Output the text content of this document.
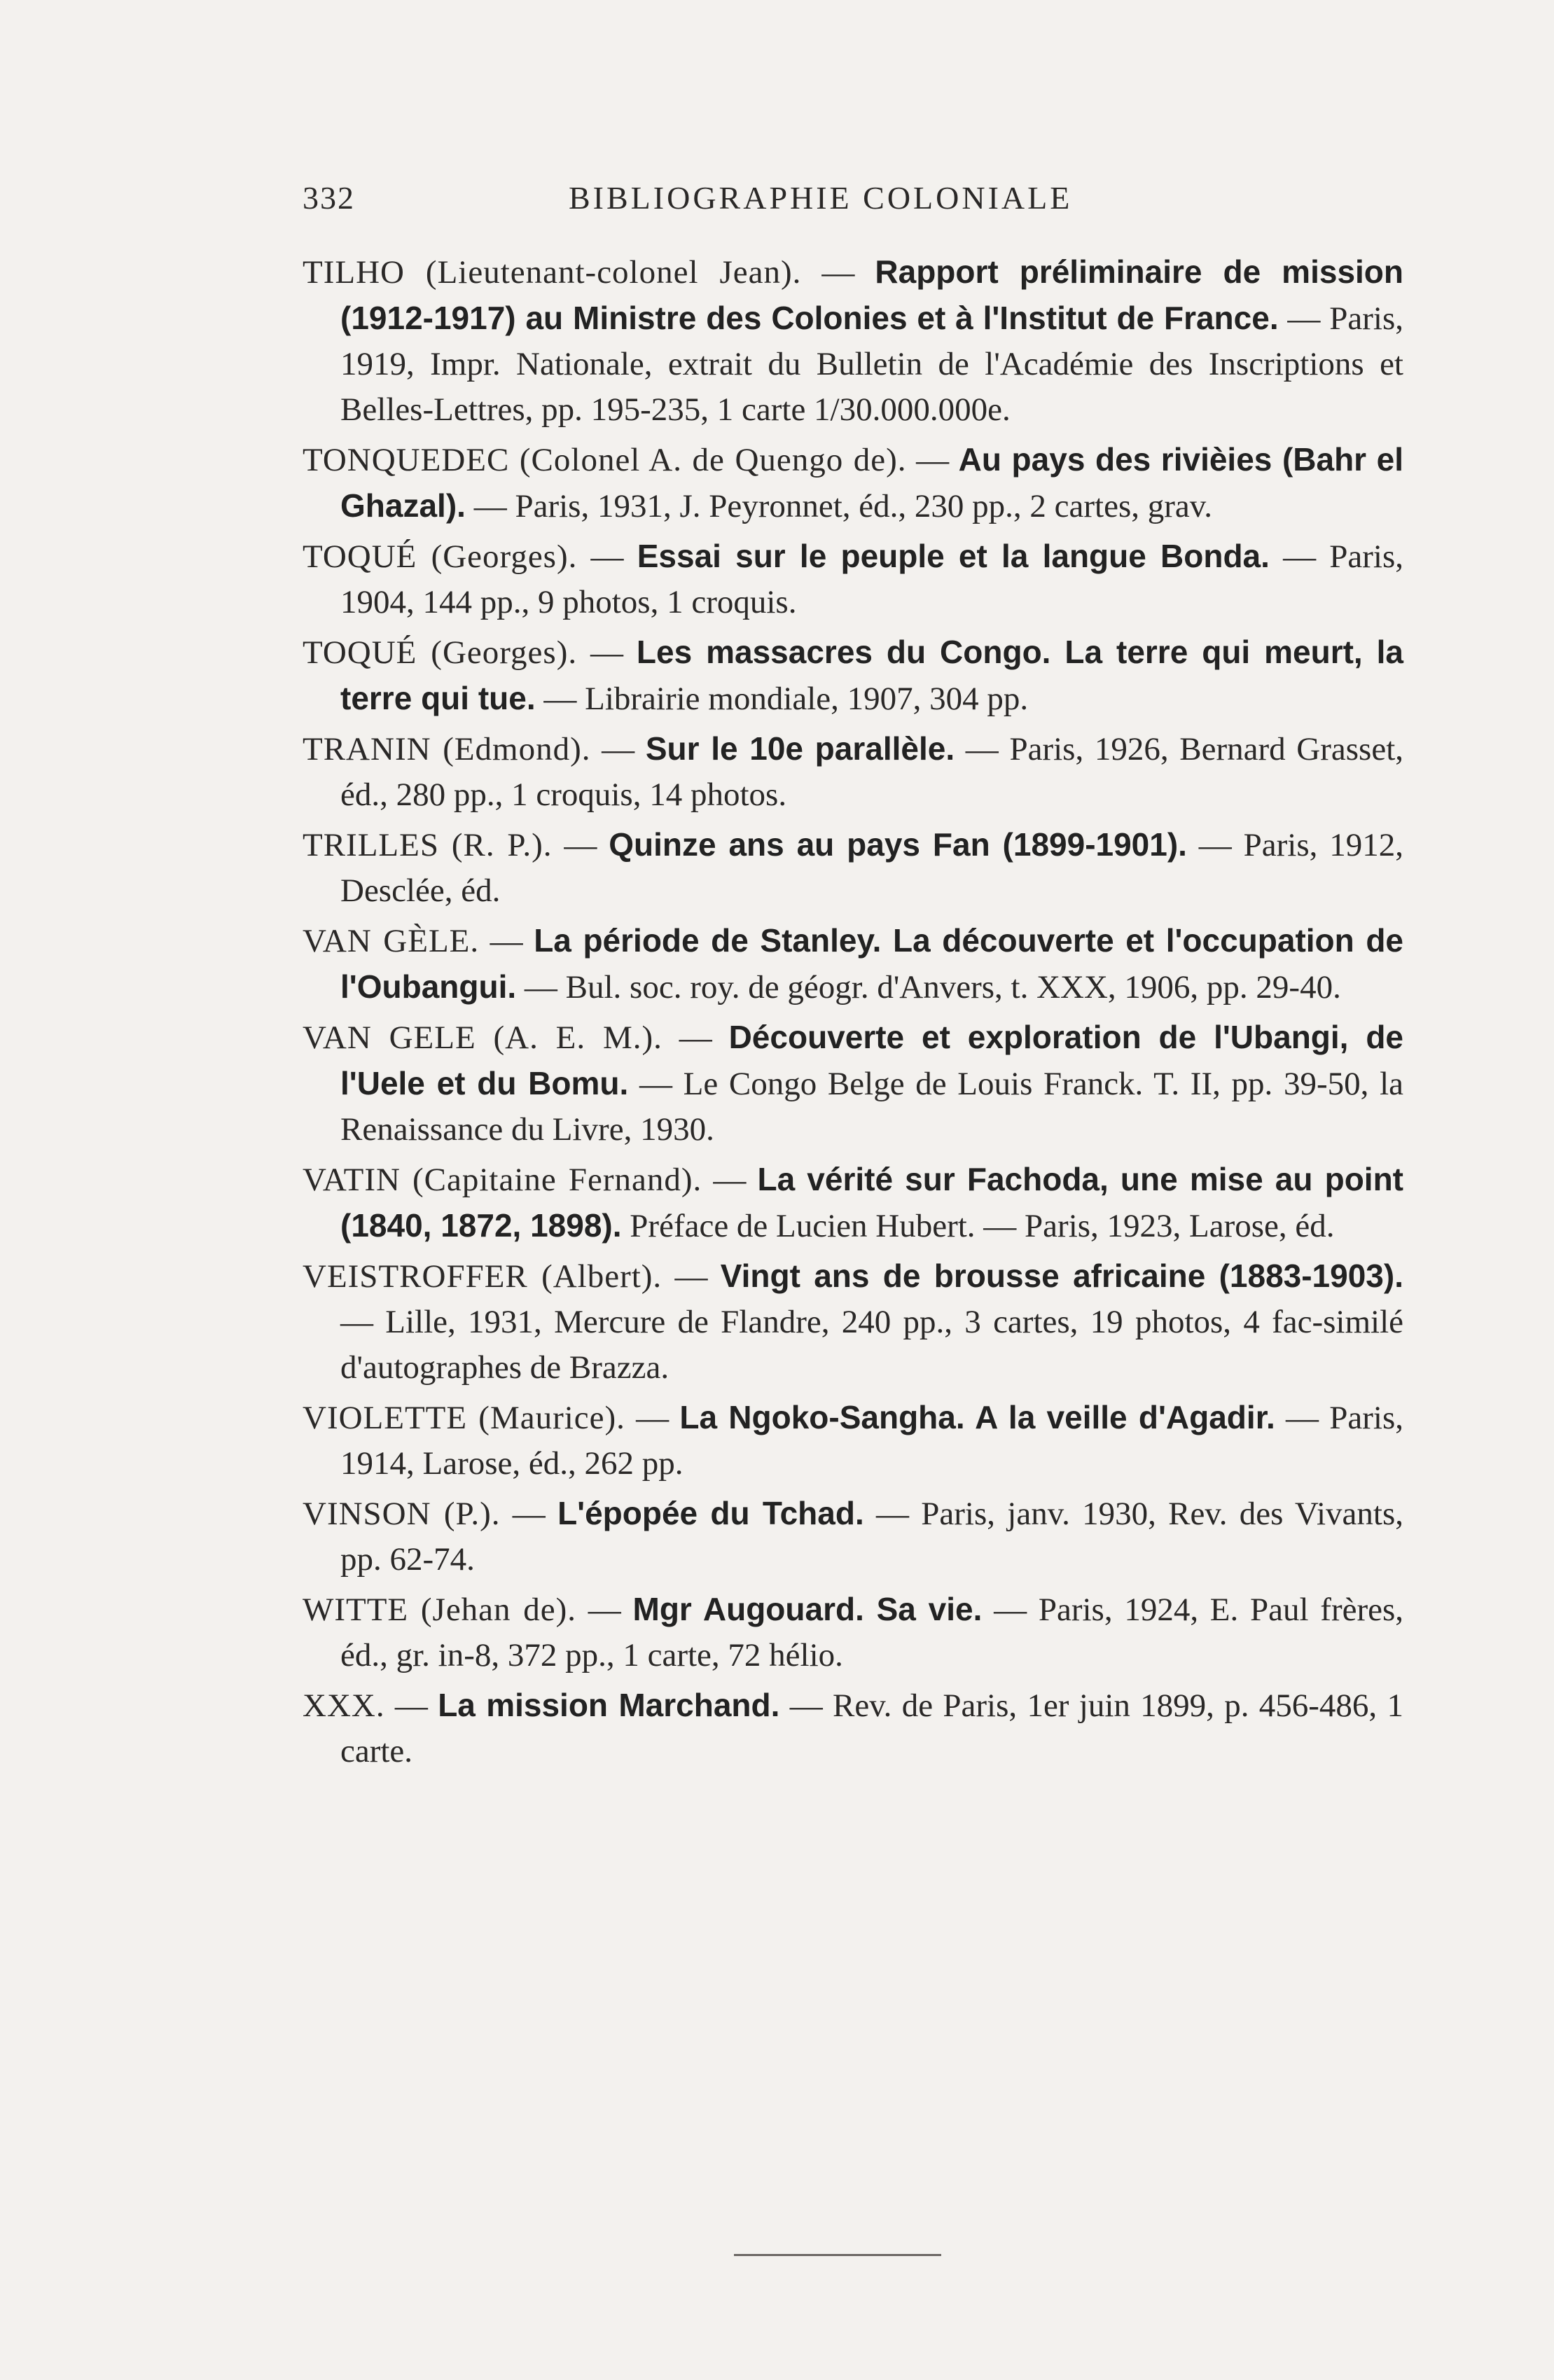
332	BIBLIOGRAPHIE COLONIALE

TILHO (Lieutenant-colonel Jean). — Rapport préliminaire de mission (1912-1917) au Ministre des Colonies et à l'Institut de France. — Paris, 1919, Impr. Nationale, extrait du Bulletin de l'Académie des Inscriptions et Belles-Lettres, pp. 195-235, 1 carte 1/30.000.000e.

TONQUEDEC (Colonel A. de Quengo de). — Au pays des rivièies (Bahr el Ghazal). — Paris, 1931, J. Peyronnet, éd., 230 pp., 2 cartes, grav.

TOQUÉ (Georges). — Essai sur le peuple et la langue Bonda. — Paris, 1904, 144 pp., 9 photos, 1 croquis.

TOQUÉ (Georges). — Les massacres du Congo. La terre qui meurt, la terre qui tue. — Librairie mondiale, 1907, 304 pp.

TRANIN (Edmond). — Sur le 10e parallèle. — Paris, 1926, Bernard Grasset, éd., 280 pp., 1 croquis, 14 photos.

TRILLES (R. P.). — Quinze ans au pays Fan (1899-1901). — Paris, 1912, Desclée, éd.

VAN GÈLE. — La période de Stanley. La découverte et l'occupation de l'Oubangui. — Bul. soc. roy. de géogr. d'Anvers, t. XXX, 1906, pp. 29-40.

VAN GELE (A. E. M.). — Découverte et exploration de l'Ubangi, de l'Uele et du Bomu. — Le Congo Belge de Louis Franck. T. II, pp. 39-50, la Renaissance du Livre, 1930.

VATIN (Capitaine Fernand). — La vérité sur Fachoda, une mise au point (1840, 1872, 1898). Préface de Lucien Hubert. — Paris, 1923, Larose, éd.

VEISTROFFER (Albert). — Vingt ans de brousse africaine (1883-1903). — Lille, 1931, Mercure de Flandre, 240 pp., 3 cartes, 19 photos, 4 fac-similé d'autographes de Brazza.

VIOLETTE (Maurice). — La Ngoko-Sangha. A la veille d'Agadir. — Paris, 1914, Larose, éd., 262 pp.

VINSON (P.). — L'épopée du Tchad. — Paris, janv. 1930, Rev. des Vivants, pp. 62-74.

WITTE (Jehan de). — Mgr Augouard. Sa vie. — Paris, 1924, E. Paul frères, éd., gr. in-8, 372 pp., 1 carte, 72 hélio.

XXX. — La mission Marchand. — Rev. de Paris, 1er juin 1899, p. 456-486, 1 carte.
